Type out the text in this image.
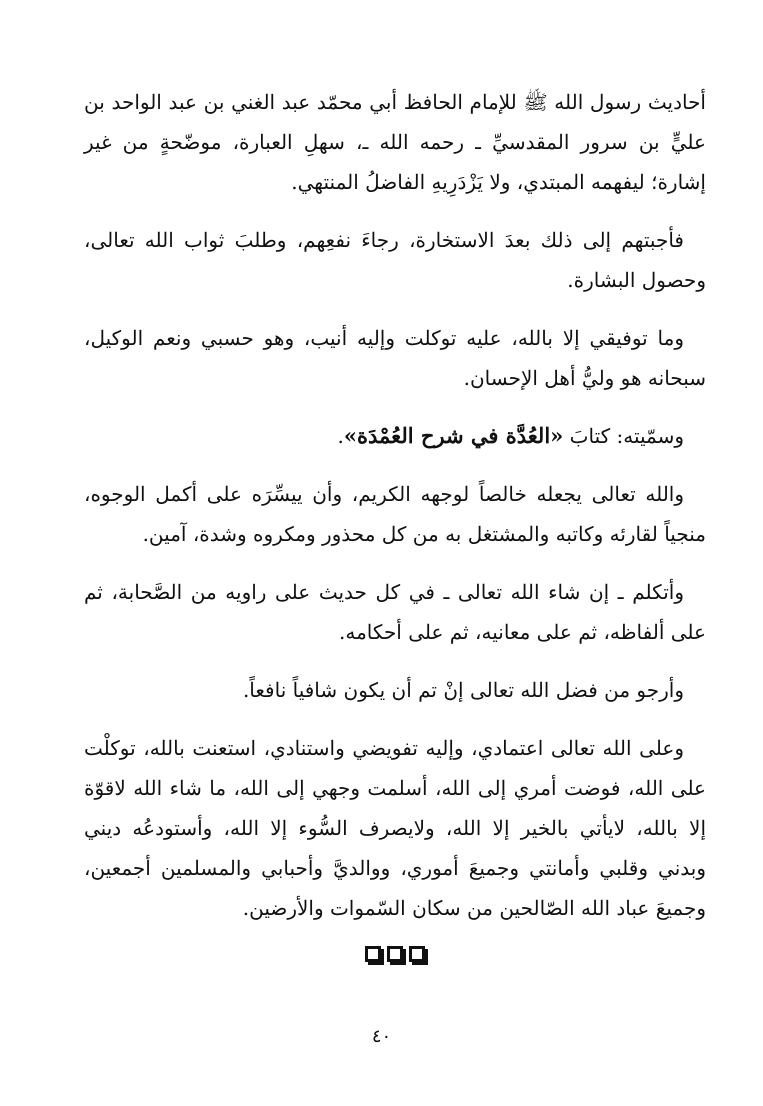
أحاديث رسول الله ﷺ للإمام الحافظ أبي محمّد عبد الغني بن عبد الواحد بن عليٍّ بن سرور المقدسيِّ ـ رحمه الله ـ، سهلِ العبارة، موضّحةٍ من غير إشارة؛ ليفهمه المبتدي، ولا يَزْدَرِيهِ الفاضلُ المنتهي.

فأجبتهم إلى ذلك بعدَ الاستخارة، رجاءَ نفعِهم، وطلبَ ثواب الله تعالى، وحصول البشارة.

وما توفيقي إلا بالله، عليه توكلت وإليه أنيب، وهو حسبي ونعم الوكيل، سبحانه هو وليُّ أهل الإحسان.

وسمّيته: كتابَ «العُدَّة في شرح العُمْدَة».

والله تعالى يجعله خالصاً لوجهه الكريم، وأن ييسِّرَه على أكمل الوجوه، منجياً لقارئه وكاتبه والمشتغل به من كل محذور ومكروه وشدة، آمين.

وأتكلم ـ إن شاء الله تعالى ـ في كل حديث على راويه من الصَّحابة، ثم على ألفاظه، ثم على معانيه، ثم على أحكامه.

وأرجو من فضل الله تعالى إنْ تم أن يكون شافياً نافعاً.

وعلى الله تعالى اعتمادي، وإليه تفويضي واستنادي، استعنت بالله، توكلْت على الله، فوضت أمري إلى الله، أسلمت وجهي إلى الله، ما شاء الله لاقوّة إلا بالله، لايأتي بالخير إلا الله، ولايصرف السُّوء إلا الله، وأستودعُه ديني وبدني وقلبي وأمانتي وجميعَ أموري، ووالديَّ وأحبابي والمسلمين أجمعين، وجميعَ عباد الله الصّالحين من سكان السّموات والأرضين.

٤٠
